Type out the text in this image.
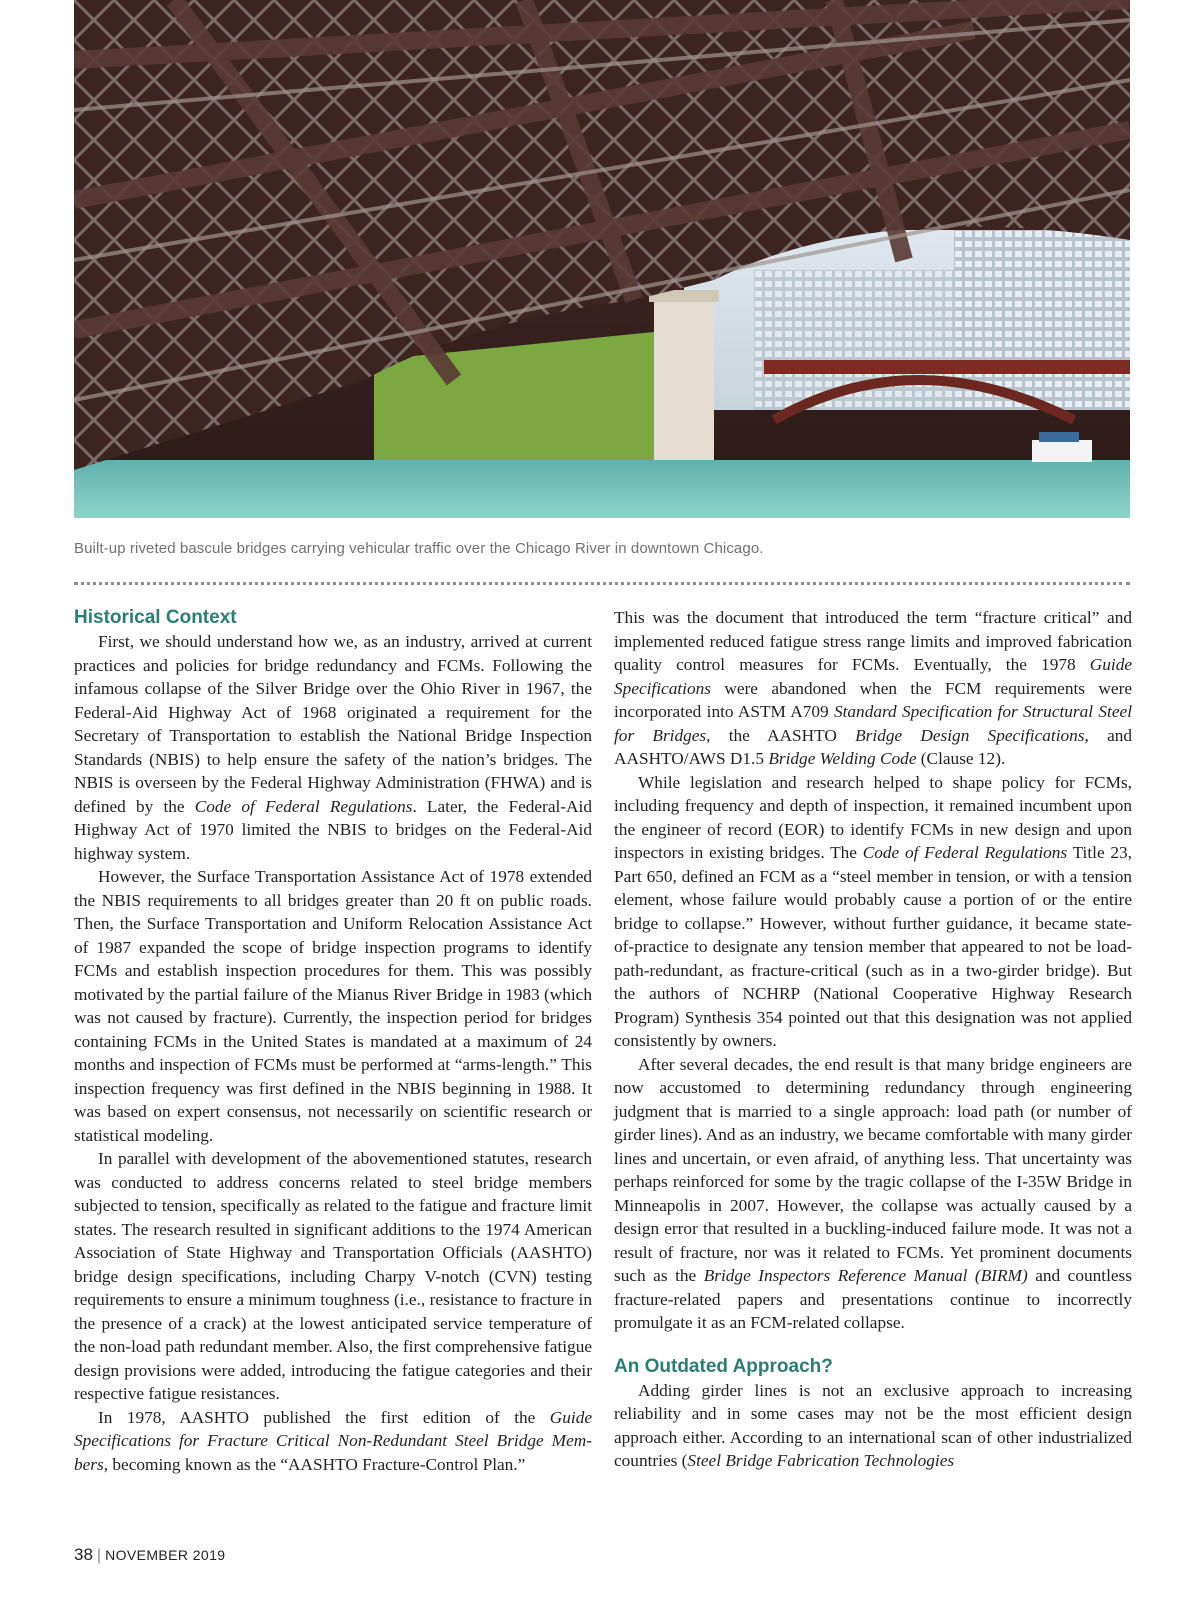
Built-up riveted bascule bridges carrying vehicular traffic over the Chicago River in downtown Chicago.
Historical Context

First, we should understand how we, as an industry, arrived at current practices and policies for bridge redundancy and FCMs. Following the infamous collapse of the Silver Bridge over the Ohio River in 1967, the Federal-Aid Highway Act of 1968 originated a requirement for the Secretary of Transportation to establish the National Bridge Inspection Standards (NBIS) to help ensure the safety of the nation’s bridges. The NBIS is overseen by the Federal Highway Administration (FHWA) and is defined by the Code of Federal Regulations. Later, the Federal-Aid Highway Act of 1970 limited the NBIS to bridges on the Federal-Aid highway system.

However, the Surface Transportation Assistance Act of 1978 extended the NBIS requirements to all bridges greater than 20 ft on public roads. Then, the Surface Transportation and Uniform Relocation Assistance Act of 1987 expanded the scope of bridge inspection programs to identify FCMs and establish inspection procedures for them. This was possibly motivated by the partial failure of the Mianus River Bridge in 1983 (which was not caused by fracture). Currently, the inspection period for bridges containing FCMs in the United States is mandated at a maximum of 24 months and inspection of FCMs must be performed at “arms-length.” This inspection frequency was first defined in the NBIS beginning in 1988. It was based on expert consensus, not necessarily on scientific research or statistical modeling.

In parallel with development of the abovementioned statutes, research was conducted to address concerns related to steel bridge members subjected to tension, specifically as related to the fatigue and fracture limit states. The research resulted in significant additions to the 1974 American Association of State Highway and Transportation Officials (AASHTO) bridge design specifications, including Charpy V-notch (CVN) testing requirements to ensure a minimum toughness (i.e., resistance to fracture in the presence of a crack) at the lowest anticipated service temperature of the non-load path redundant member. Also, the first comprehensive fatigue design provisions were added, introducing the fatigue categories and their respective fatigue resistances.

In 1978, AASHTO published the first edition of the Guide Specifications for Fracture Critical Non-Redundant Steel Bridge Members, becoming known as the “AASHTO Fracture-Control Plan.”

This was the document that introduced the term “fracture critical” and implemented reduced fatigue stress range limits and improved fabrication quality control measures for FCMs. Eventually, the 1978 Guide Specifications were abandoned when the FCM requirements were incorporated into ASTM A709 Standard Specification for Structural Steel for Bridges, the AASHTO Bridge Design Specifications, and AASHTO/AWS D1.5 Bridge Welding Code (Clause 12).

While legislation and research helped to shape policy for FCMs, including frequency and depth of inspection, it remained incumbent upon the engineer of record (EOR) to identify FCMs in new design and upon inspectors in existing bridges. The Code of Federal Regulations Title 23, Part 650, defined an FCM as a “steel member in tension, or with a tension element, whose failure would probably cause a portion of or the entire bridge to collapse.” However, without further guidance, it became state-of-practice to designate any tension member that appeared to not be load-path-redundant, as fracture-critical (such as in a two-girder bridge). But the authors of NCHRP (National Cooperative Highway Research Program) Synthesis 354 pointed out that this designation was not applied consistently by owners.

After several decades, the end result is that many bridge engineers are now accustomed to determining redundancy through engineering judgment that is married to a single approach: load path (or number of girder lines). And as an industry, we became comfortable with many girder lines and uncertain, or even afraid, of anything less. That uncertainty was perhaps reinforced for some by the tragic collapse of the I-35W Bridge in Minneapolis in 2007. However, the collapse was actually caused by a design error that resulted in a buckling-induced failure mode. It was not a result of fracture, nor was it related to FCMs. Yet prominent documents such as the Bridge Inspectors Reference Manual (BIRM) and countless fracture-related papers and presentations continue to incorrectly promulgate it as an FCM-related collapse.

An Outdated Approach?

Adding girder lines is not an exclusive approach to increasing reliability and in some cases may not be the most efficient design approach either. According to an international scan of other industrialized countries (Steel Bridge Fabrication Technologies

38 | NOVEMBER 2019
